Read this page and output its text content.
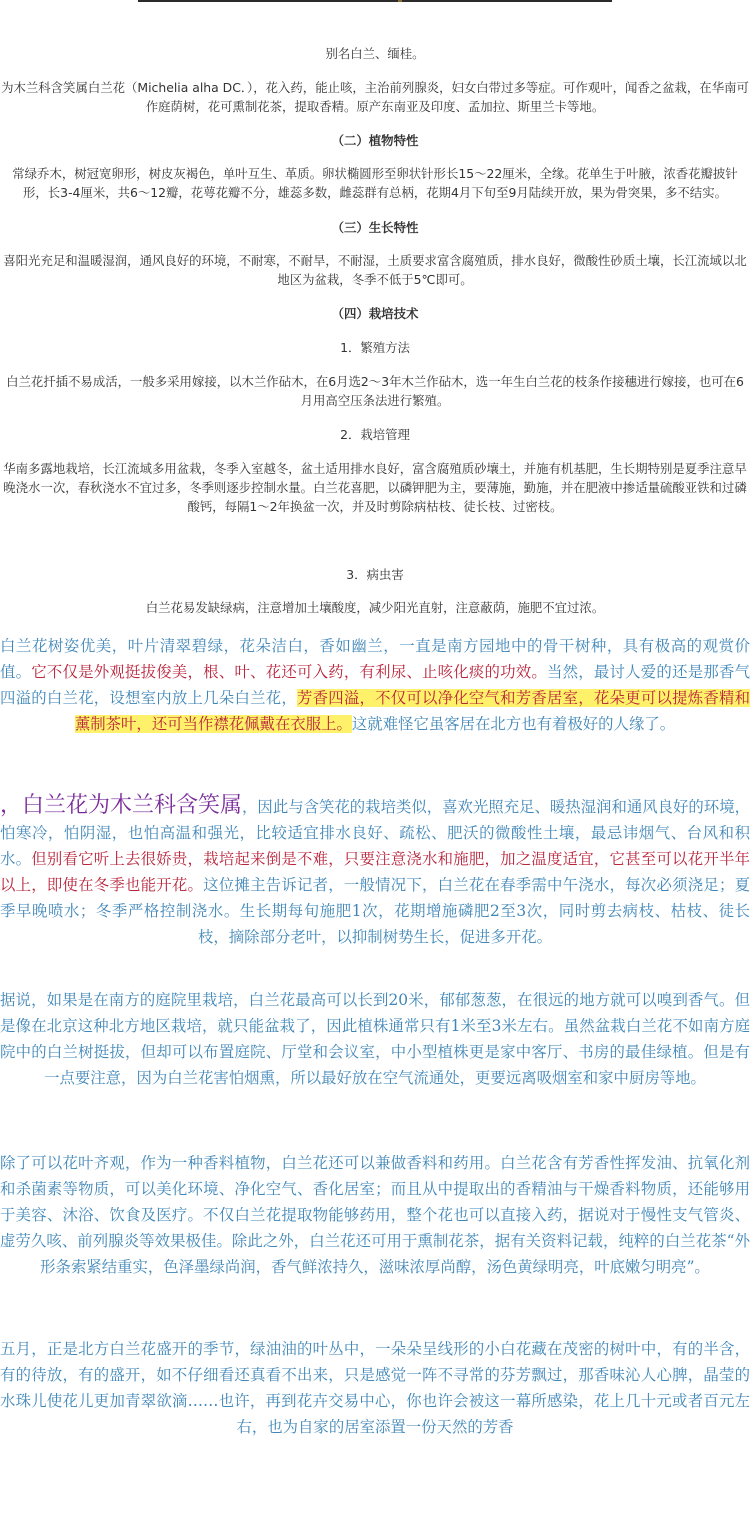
别名白兰、缅桂。

为木兰科含笑属白兰花（Michelia alha DC．），花入药，能止咳，主治前列腺炎，妇女白带过多等症。可作观叶，闻香之盆栽，在华南可作庭荫树，花可熏制花茶，提取香精。原产东南亚及印度、孟加拉、斯里兰卡等地。

（二）植物特性

常绿乔木，树冠宽卵形，树皮灰褐色，单叶互生、革质。卵状椭圆形至卵状针形长15～22厘米，全缘。花单生于叶腋，浓香花瓣披针形，长3-4厘米，共6～12瓣，花萼花瓣不分，雄蕊多数，雌蕊群有总柄，花期4月下旬至9月陆续开放，果为骨突果，多不结实。

（三）生长特性

喜阳光充足和温暖湿润，通风良好的环境，不耐寒，不耐旱，不耐湿，土质要求富含腐殖质，排水良好，微酸性砂质土壤，长江流域以北地区为盆栽，冬季不低于5℃即可。

（四）栽培技术

1．繁殖方法

白兰花扦插不易成活，一般多采用嫁接，以木兰作砧木，在6月选2～3年木兰作砧木，选一年生白兰花的枝条作接穗进行嫁接，也可在6月用高空压条法进行繁殖。

2．栽培管理

华南多露地栽培，长江流域多用盆栽，冬季入室越冬，盆土适用排水良好，富含腐殖质砂壤土，并施有机基肥，生长期特别是夏季注意早晚浇水一次，春秋浇水不宜过多，冬季则逐步控制水量。白兰花喜肥，以磷钾肥为主，要薄施，勤施，并在肥液中掺适量硫酸亚铁和过磷酸钙，每隔1～2年换盆一次，并及时剪除病枯枝、徒长枝、过密枝。

3．病虫害

白兰花易发缺绿病，注意增加土壤酸度，减少阳光直射，注意蔽荫，施肥不宜过浓。

白兰花树姿优美，叶片清翠碧绿，花朵洁白，香如幽兰，一直是南方园地中的骨干树种，具有极高的观赏价值。它不仅是外观挺拔俊美，根、叶、花还可入药，有利尿、止咳化痰的功效。当然，最讨人爱的还是那香气四溢的白兰花，设想室内放上几朵白兰花，芳香四溢，不仅可以净化空气和芳香居室，花朵更可以提炼香精和薰制茶叶，还可当作襟花佩戴在衣服上。这就难怪它虽客居在北方也有着极好的人缘了。

，白兰花为木兰科含笑属，因此与含笑花的栽培类似，喜欢光照充足、暖热湿润和通风良好的环境，怕寒冷，怕阴湿，也怕高温和强光，比较适宜排水良好、疏松、肥沃的微酸性土壤，最忌讳烟气、台风和积水。但别看它听上去很娇贵，栽培起来倒是不难，只要注意浇水和施肥，加之温度适宜，它甚至可以花开半年以上，即使在冬季也能开花。这位摊主告诉记者，一般情况下，白兰花在春季需中午浇水，每次必须浇足；夏季早晚喷水；冬季严格控制浇水。生长期每旬施肥1次，花期增施磷肥2至3次，同时剪去病枝、枯枝、徒长枝，摘除部分老叶，以抑制树势生长，促进多开花。

据说，如果是在南方的庭院里栽培，白兰花最高可以长到20米，郁郁葱葱，在很远的地方就可以嗅到香气。但是像在北京这种北方地区栽培，就只能盆栽了，因此植株通常只有1米至3米左右。虽然盆栽白兰花不如南方庭院中的白兰树挺拔，但却可以布置庭院、厅堂和会议室，中小型植株更是家中客厅、书房的最佳绿植。但是有一点要注意，因为白兰花害怕烟熏，所以最好放在空气流通处，更要远离吸烟室和家中厨房等地。

除了可以花叶齐观，作为一种香料植物，白兰花还可以兼做香料和药用。白兰花含有芳香性挥发油、抗氧化剂和杀菌素等物质，可以美化环境、净化空气、香化居室；而且从中提取出的香精油与干燥香料物质，还能够用于美容、沐浴、饮食及医疗。不仅白兰花提取物能够药用，整个花也可以直接入药，据说对于慢性支气管炎、虚劳久咳、前列腺炎等效果极佳。除此之外，白兰花还可用于熏制花茶，据有关资料记载，纯粹的白兰花茶“外形条索紧结重实，色泽墨绿尚润，香气鲜浓持久，滋味浓厚尚醇，汤色黄绿明亮，叶底嫩匀明亮”。

五月，正是北方白兰花盛开的季节，绿油油的叶丛中，一朵朵呈线形的小白花藏在茂密的树叶中，有的半含，有的待放，有的盛开，如不仔细看还真看不出来，只是感觉一阵不寻常的芬芳飘过，那香味沁人心脾，晶莹的水珠儿使花儿更加青翠欲滴……也许，再到花卉交易中心，你也许会被这一幕所感染，花上几十元或者百元左右，也为自家的居室添置一份天然的芳香
